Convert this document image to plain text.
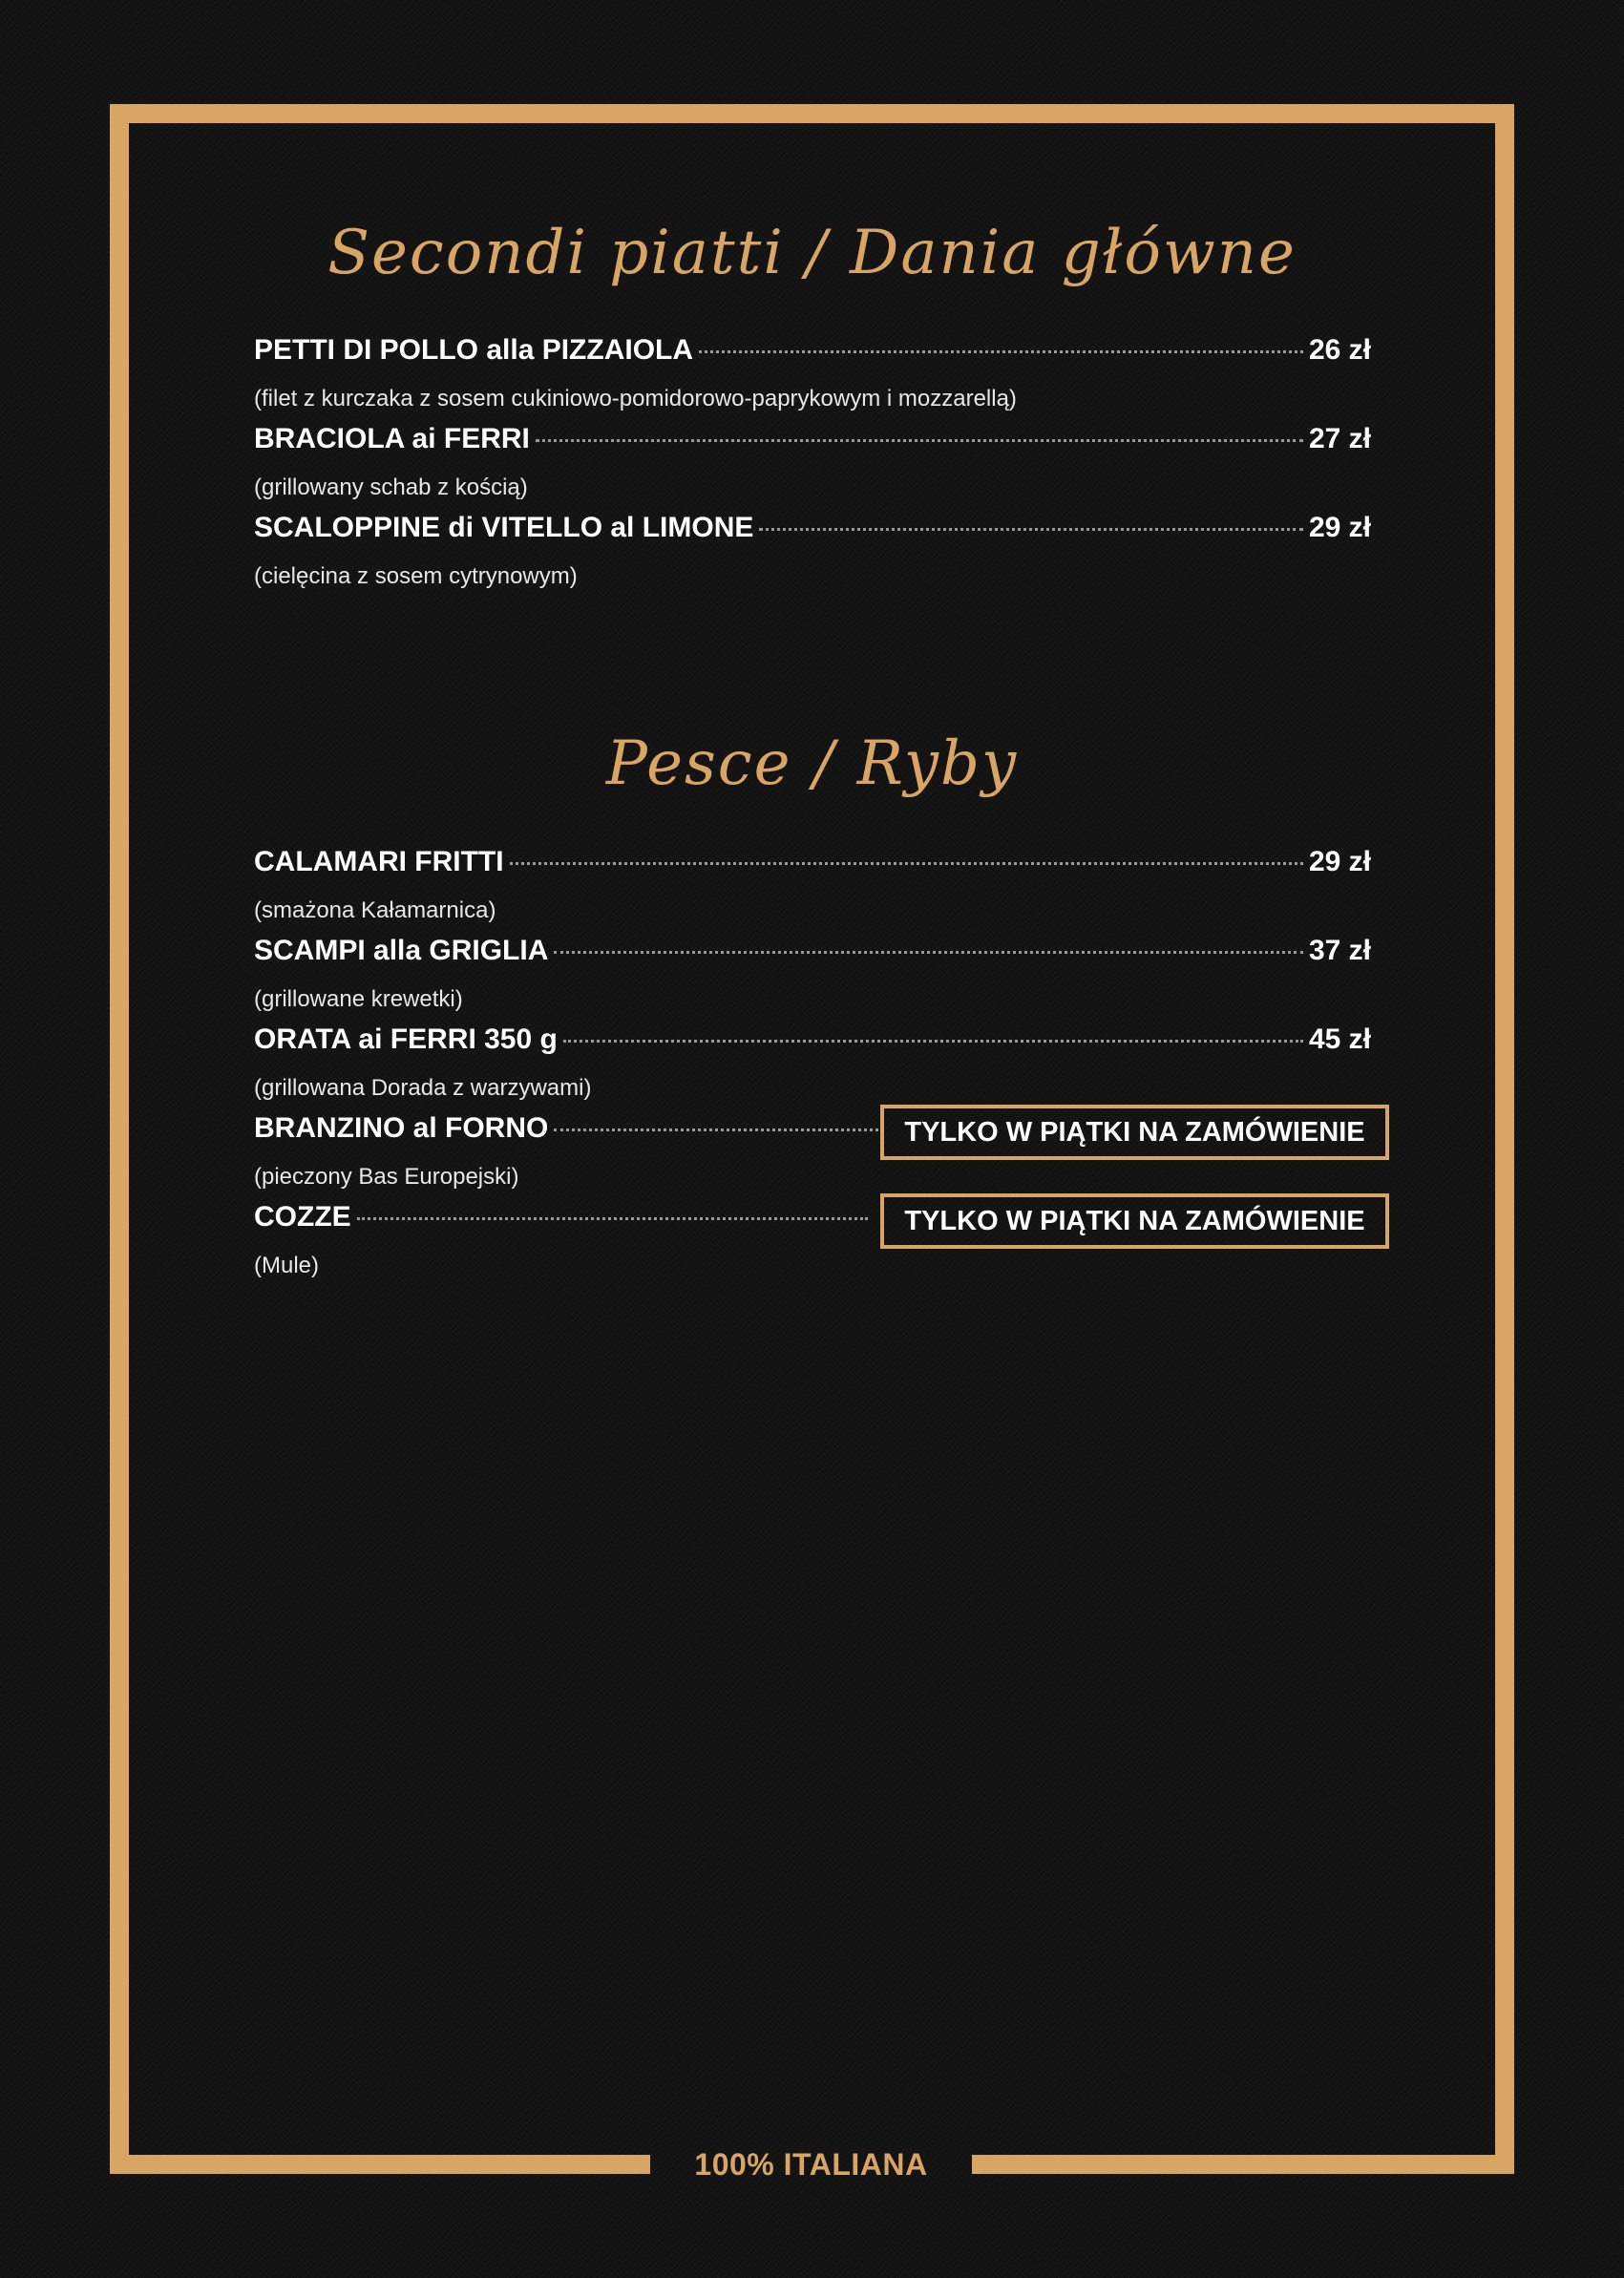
100% ITALIANA
Secondi piatti / Dania główne
PETTI DI POLLO alla PIZZAIOLA	26 zł
(filet z kurczaka z sosem cukiniowo-pomidorowo-paprykowym i mozzarellą)
BRACIOLA ai FERRI	27 zł
(grillowany schab z kością)
SCALOPPINE di VITELLO al LIMONE	29 zł
(cielęcina z sosem cytrynowym)
Pesce / Ryby
CALAMARI FRITTI	29 zł
(smażona Kałamarnica)
SCAMPI alla GRIGLIA	37 zł
(grillowane krewetki)
ORATA ai FERRI 350 g	45 zł
(grillowana Dorada z warzywami)
BRANZINO al FORNO	TYLKO W PIĄTKI NA ZAMÓWIENIE
(pieczony Bas Europejski)
COZZE	TYLKO W PIĄTKI NA ZAMÓWIENIE
(Mule)
